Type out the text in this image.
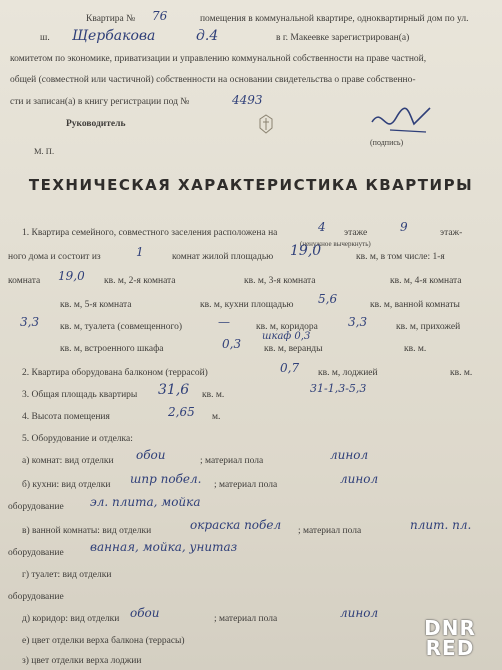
Квартира №	помещения в коммунальной квартире, одноквартирный дом по ул.
76
ш. Щербакова	д.4	в г. Макеевке зарегистрирован(а)
комитетом по экономике, приватизации и управлению коммунальной собственности на праве частной,
общей (совместной или частичной) собственности на основании свидетельства о праве собственно-
сти и записан(а) в книгу регистрации под №	4493
Руководитель
(подпись)
М. П.
ТЕХНИЧЕСКАЯ ХАРАКТЕРИСТИКА КВАРТИРЫ
1. Квартира семейного, совместного заселения расположена на	4 этаже	9	этаж-
(ненужное вычеркнуть)
ного дома и состоит из	1	комнат жилой площадью 19,0	кв. м, в том числе: 1-я
комната 19,0 кв. м, 2-я комната	кв. м, 3-я комната	кв. м, 4-я комната
кв. м, 5-я комната	кв. м, кухни площадью 5,6	кв. м, ванной комнаты
3,3 кв. м, туалета (совмещенного)	—	кв. м, коридора	3,3	кв. м, прихожей
кв. м, встроенного шкафа	0,3
шкаф 0,3
кв. м, веранды	кв. м.
2. Квартира оборудована балконом (террасой)	0,7 кв. м, лоджией	кв. м.
3. Общая площадь квартиры 31,6 кв. м.	31-1,3-5,3
4. Высота помещения	2,65 м.
5. Оборудование и отделка:
а) комнат: вид отделки обои	; материал пола	линол
б) кухни: вид отделки шпр побел. ; материал пола	линол
оборудование эл. плита, мойка
в) ванной комнаты: вид отделки	окраска побел ; материал пола	плит. пл.
оборудование ванная, мойка, унитаз
г) туалет: вид отделки
оборудование
д) коридор: вид отделки обои	; материал пола	линол
е) цвет отделки верха балкона (террасы)
з) цвет отделки верха лоджии
DNR
RED
